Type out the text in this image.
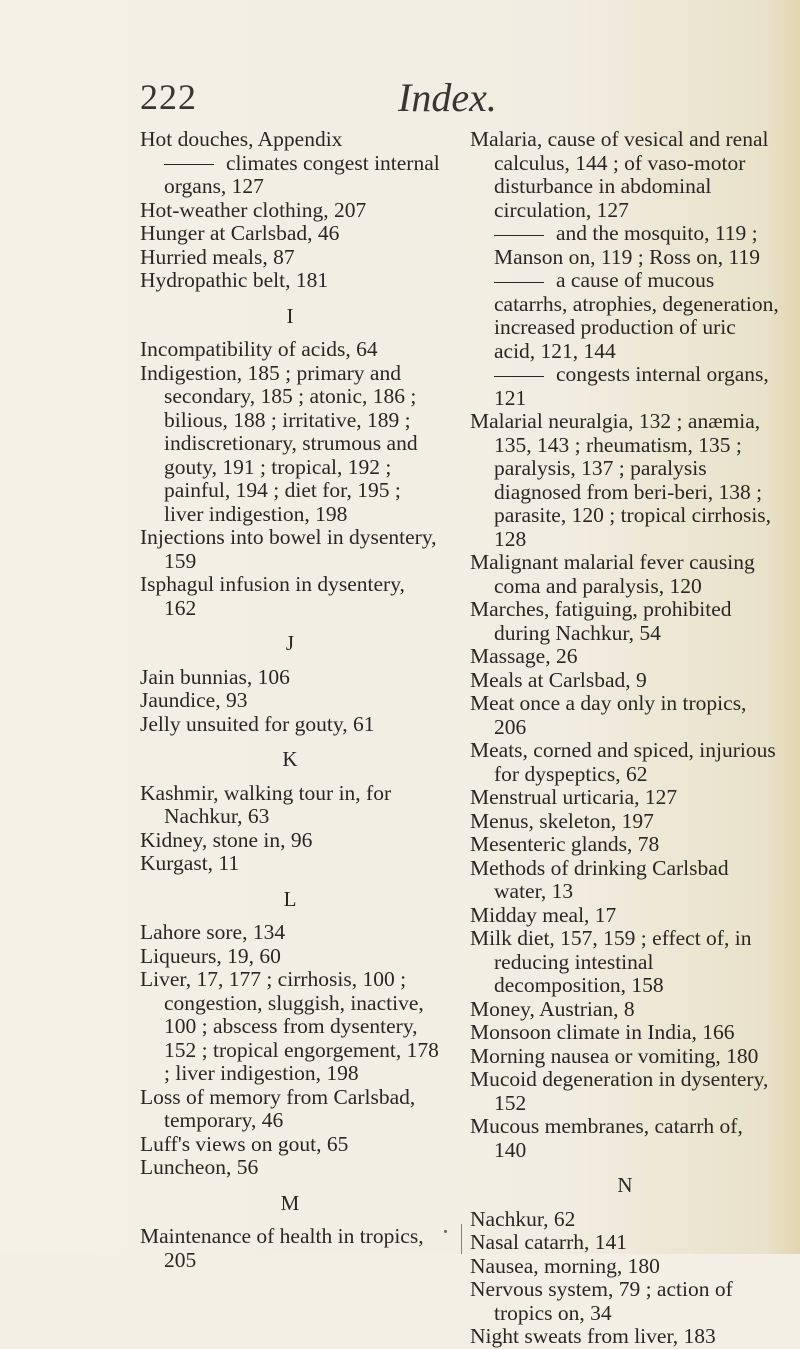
222	Index.

Hot douches, Appendix

climates congest internal organs, 127

Hot-weather clothing, 207

Hunger at Carlsbad, 46

Hurried meals, 87

Hydropathic belt, 181

I

Incompatibility of acids, 64

Indigestion, 185 ; primary and secondary, 185 ; atonic, 186 ; bilious, 188 ; irritative, 189 ; indiscretionary, strumous and gouty, 191 ; tropical, 192 ; painful, 194 ; diet for, 195 ; liver indigestion, 198

Injections into bowel in dysentery, 159

Isphagul infusion in dysentery, 162

J

Jain bunnias, 106

Jaundice, 93

Jelly unsuited for gouty, 61

K

Kashmir, walking tour in, for Nachkur, 63

Kidney, stone in, 96

Kurgast, 11

L

Lahore sore, 134

Liqueurs, 19, 60

Liver, 17, 177 ; cirrhosis, 100 ; congestion, sluggish, inactive, 100 ; abscess from dysentery, 152 ; tropical engorgement, 178 ; liver indigestion, 198

Loss of memory from Carlsbad, temporary, 46

Luff's views on gout, 65

Luncheon, 56

M

Maintenance of health in tropics, 205

Malaria, cause of vesical and renal calculus, 144 ; of vaso-motor disturbance in abdominal circulation, 127

and the mosquito, 119 ; Manson on, 119 ; Ross on, 119

a cause of mucous catarrhs, atrophies, degeneration, increased production of uric acid, 121, 144

congests internal organs, 121

Malarial neuralgia, 132 ; anæmia, 135, 143 ; rheumatism, 135 ; paralysis, 137 ; paralysis diagnosed from beri-beri, 138 ; parasite, 120 ; tropical cirrhosis, 128

Malignant malarial fever causing coma and paralysis, 120

Marches, fatiguing, prohibited during Nachkur, 54

Massage, 26

Meals at Carlsbad, 9

Meat once a day only in tropics, 206

Meats, corned and spiced, injurious for dyspeptics, 62

Menstrual urticaria, 127

Menus, skeleton, 197

Mesenteric glands, 78

Methods of drinking Carlsbad water, 13

Midday meal, 17

Milk diet, 157, 159 ; effect of, in reducing intestinal decomposition, 158

Money, Austrian, 8

Monsoon climate in India, 166

Morning nausea or vomiting, 180

Mucoid degeneration in dysentery, 152

Mucous membranes, catarrh of, 140

N

Nachkur, 62

Nasal catarrh, 141

Nausea, morning, 180

Nervous system, 79 ; action of tropics on, 34

Night sweats from liver, 183
